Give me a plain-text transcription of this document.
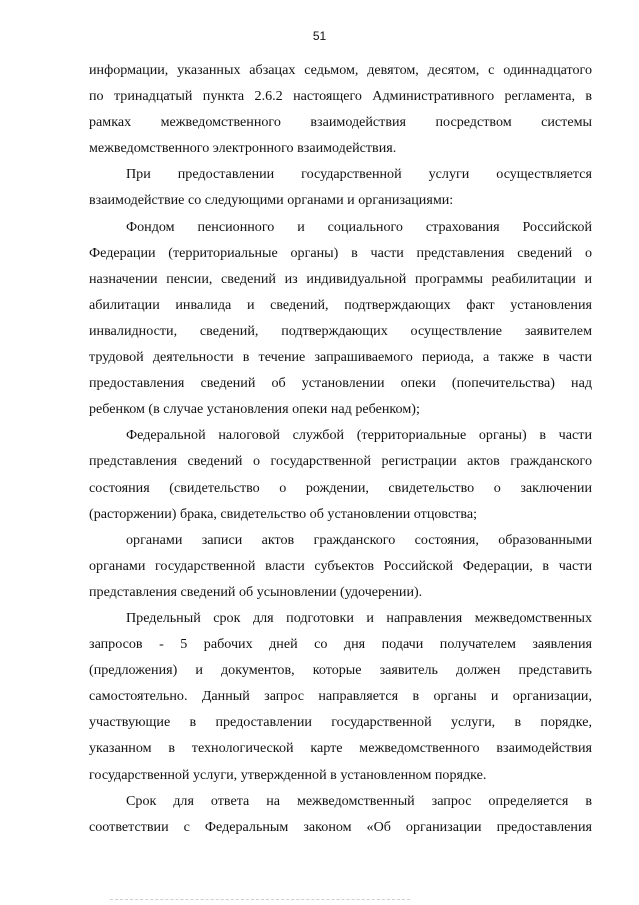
51
информации, указанных абзацах седьмом, девятом, десятом, с одиннадцатого
по тринадцатый пункта 2.6.2 настоящего Административного регламента, в
рамках межведомственного взаимодействия посредством системы
межведомственного электронного взаимодействия.
При предоставлении государственной услуги осуществляется
взаимодействие со следующими органами и организациями:
Фондом пенсионного и социального страхования Российской
Федерации (территориальные органы) в части представления сведений о
назначении пенсии, сведений из индивидуальной программы реабилитации и
абилитации инвалида и сведений, подтверждающих факт установления
инвалидности, сведений, подтверждающих осуществление заявителем
трудовой деятельности в течение запрашиваемого периода, а также в части
предоставления сведений об установлении опеки (попечительства) над
ребенком (в случае установления опеки над ребенком);
Федеральной налоговой службой (территориальные органы) в части
представления сведений о государственной регистрации актов гражданского
состояния (свидетельство о рождении, свидетельство о заключении
(расторжении) брака, свидетельство об установлении отцовства;
органами записи актов гражданского состояния, образованными
органами государственной власти субъектов Российской Федерации, в части
представления сведений об усыновлении (удочерении).
Предельный срок для подготовки и направления межведомственных
запросов - 5 рабочих дней со дня подачи получателем заявления
(предложения) и документов, которые заявитель должен представить
самостоятельно. Данный запрос направляется в органы и организации,
участвующие в предоставлении государственной услуги, в порядке,
указанном в технологической карте межведомственного взаимодействия
государственной услуги, утвержденной в установленном порядке.
Срок для ответа на межведомственный запрос определяется в
соответствии с Федеральным законом «Об организации предоставления
